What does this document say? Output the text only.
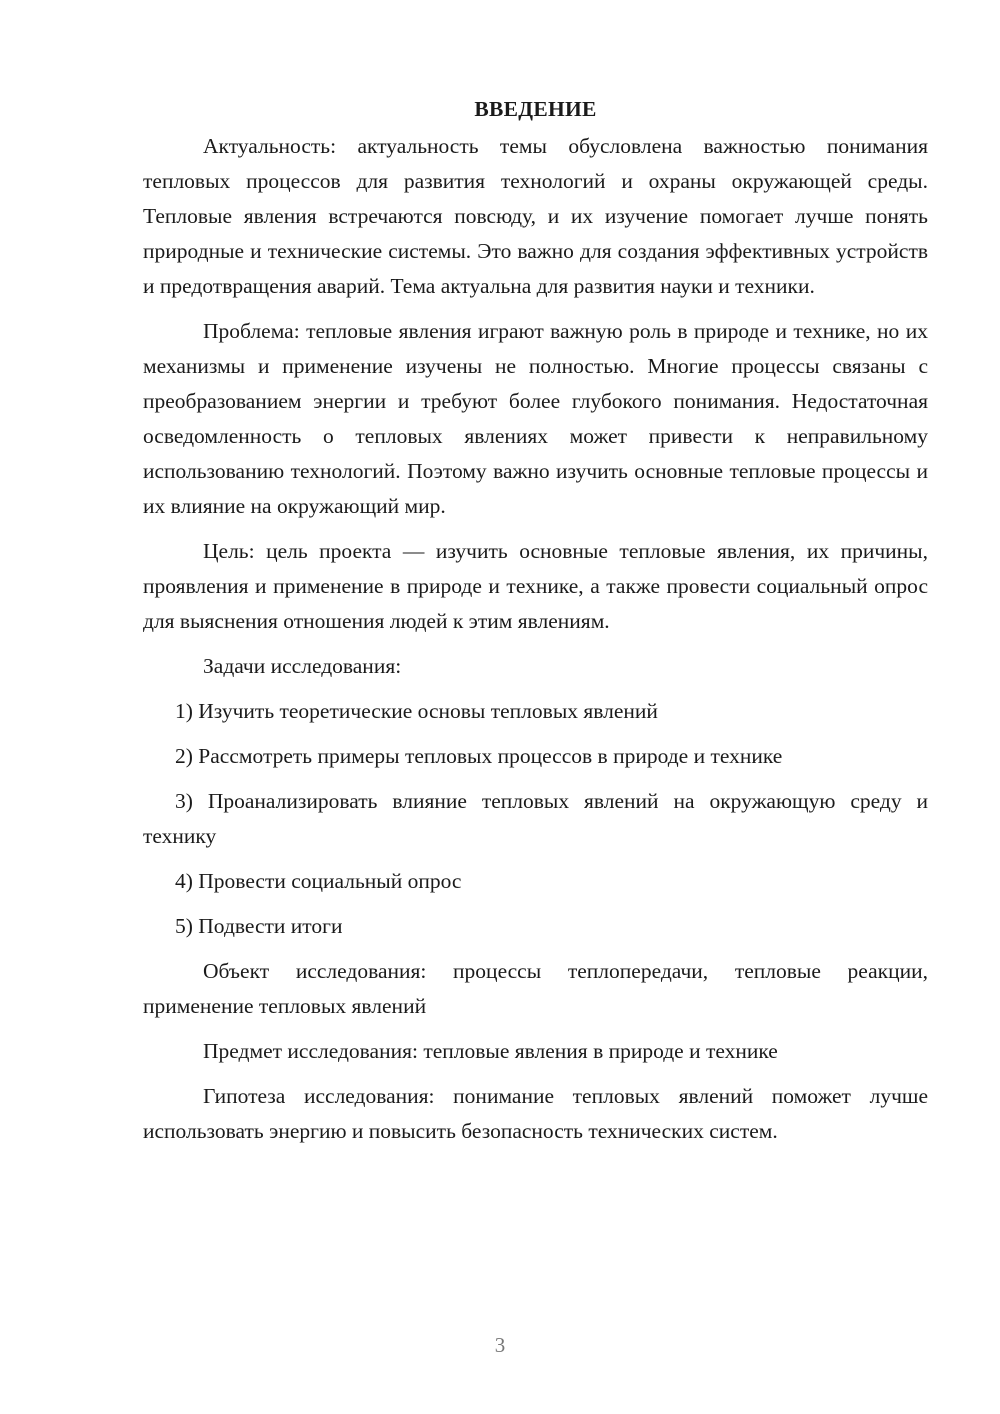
ВВЕДЕНИЕ

Актуальность: актуальность темы обусловлена важностью понимания тепловых процессов для развития технологий и охраны окружающей среды. Тепловые явления встречаются повсюду, и их изучение помогает лучше понять природные и технические системы. Это важно для создания эффективных устройств и предотвращения аварий. Тема актуальна для развития науки и техники.

Проблема: тепловые явления играют важную роль в природе и технике, но их механизмы и применение изучены не полностью. Многие процессы связаны с преобразованием энергии и требуют более глубокого понимания. Недостаточная осведомленность о тепловых явлениях может привести к неправильному использованию технологий. Поэтому важно изучить основные тепловые процессы и их влияние на окружающий мир.

Цель: цель проекта — изучить основные тепловые явления, их причины, проявления и применение в природе и технике, а также провести социальный опрос для выяснения отношения людей к этим явлениям.

Задачи исследования:

1) Изучить теоретические основы тепловых явлений

2) Рассмотреть примеры тепловых процессов в природе и технике

3) Проанализировать влияние тепловых явлений на окружающую среду и технику

4) Провести социальный опрос

5) Подвести итоги

Объект исследования: процессы теплопередачи, тепловые реакции, применение тепловых явлений

Предмет исследования: тепловые явления в природе и технике

Гипотеза исследования: понимание тепловых явлений поможет лучше использовать энергию и повысить безопасность технических систем.

3
